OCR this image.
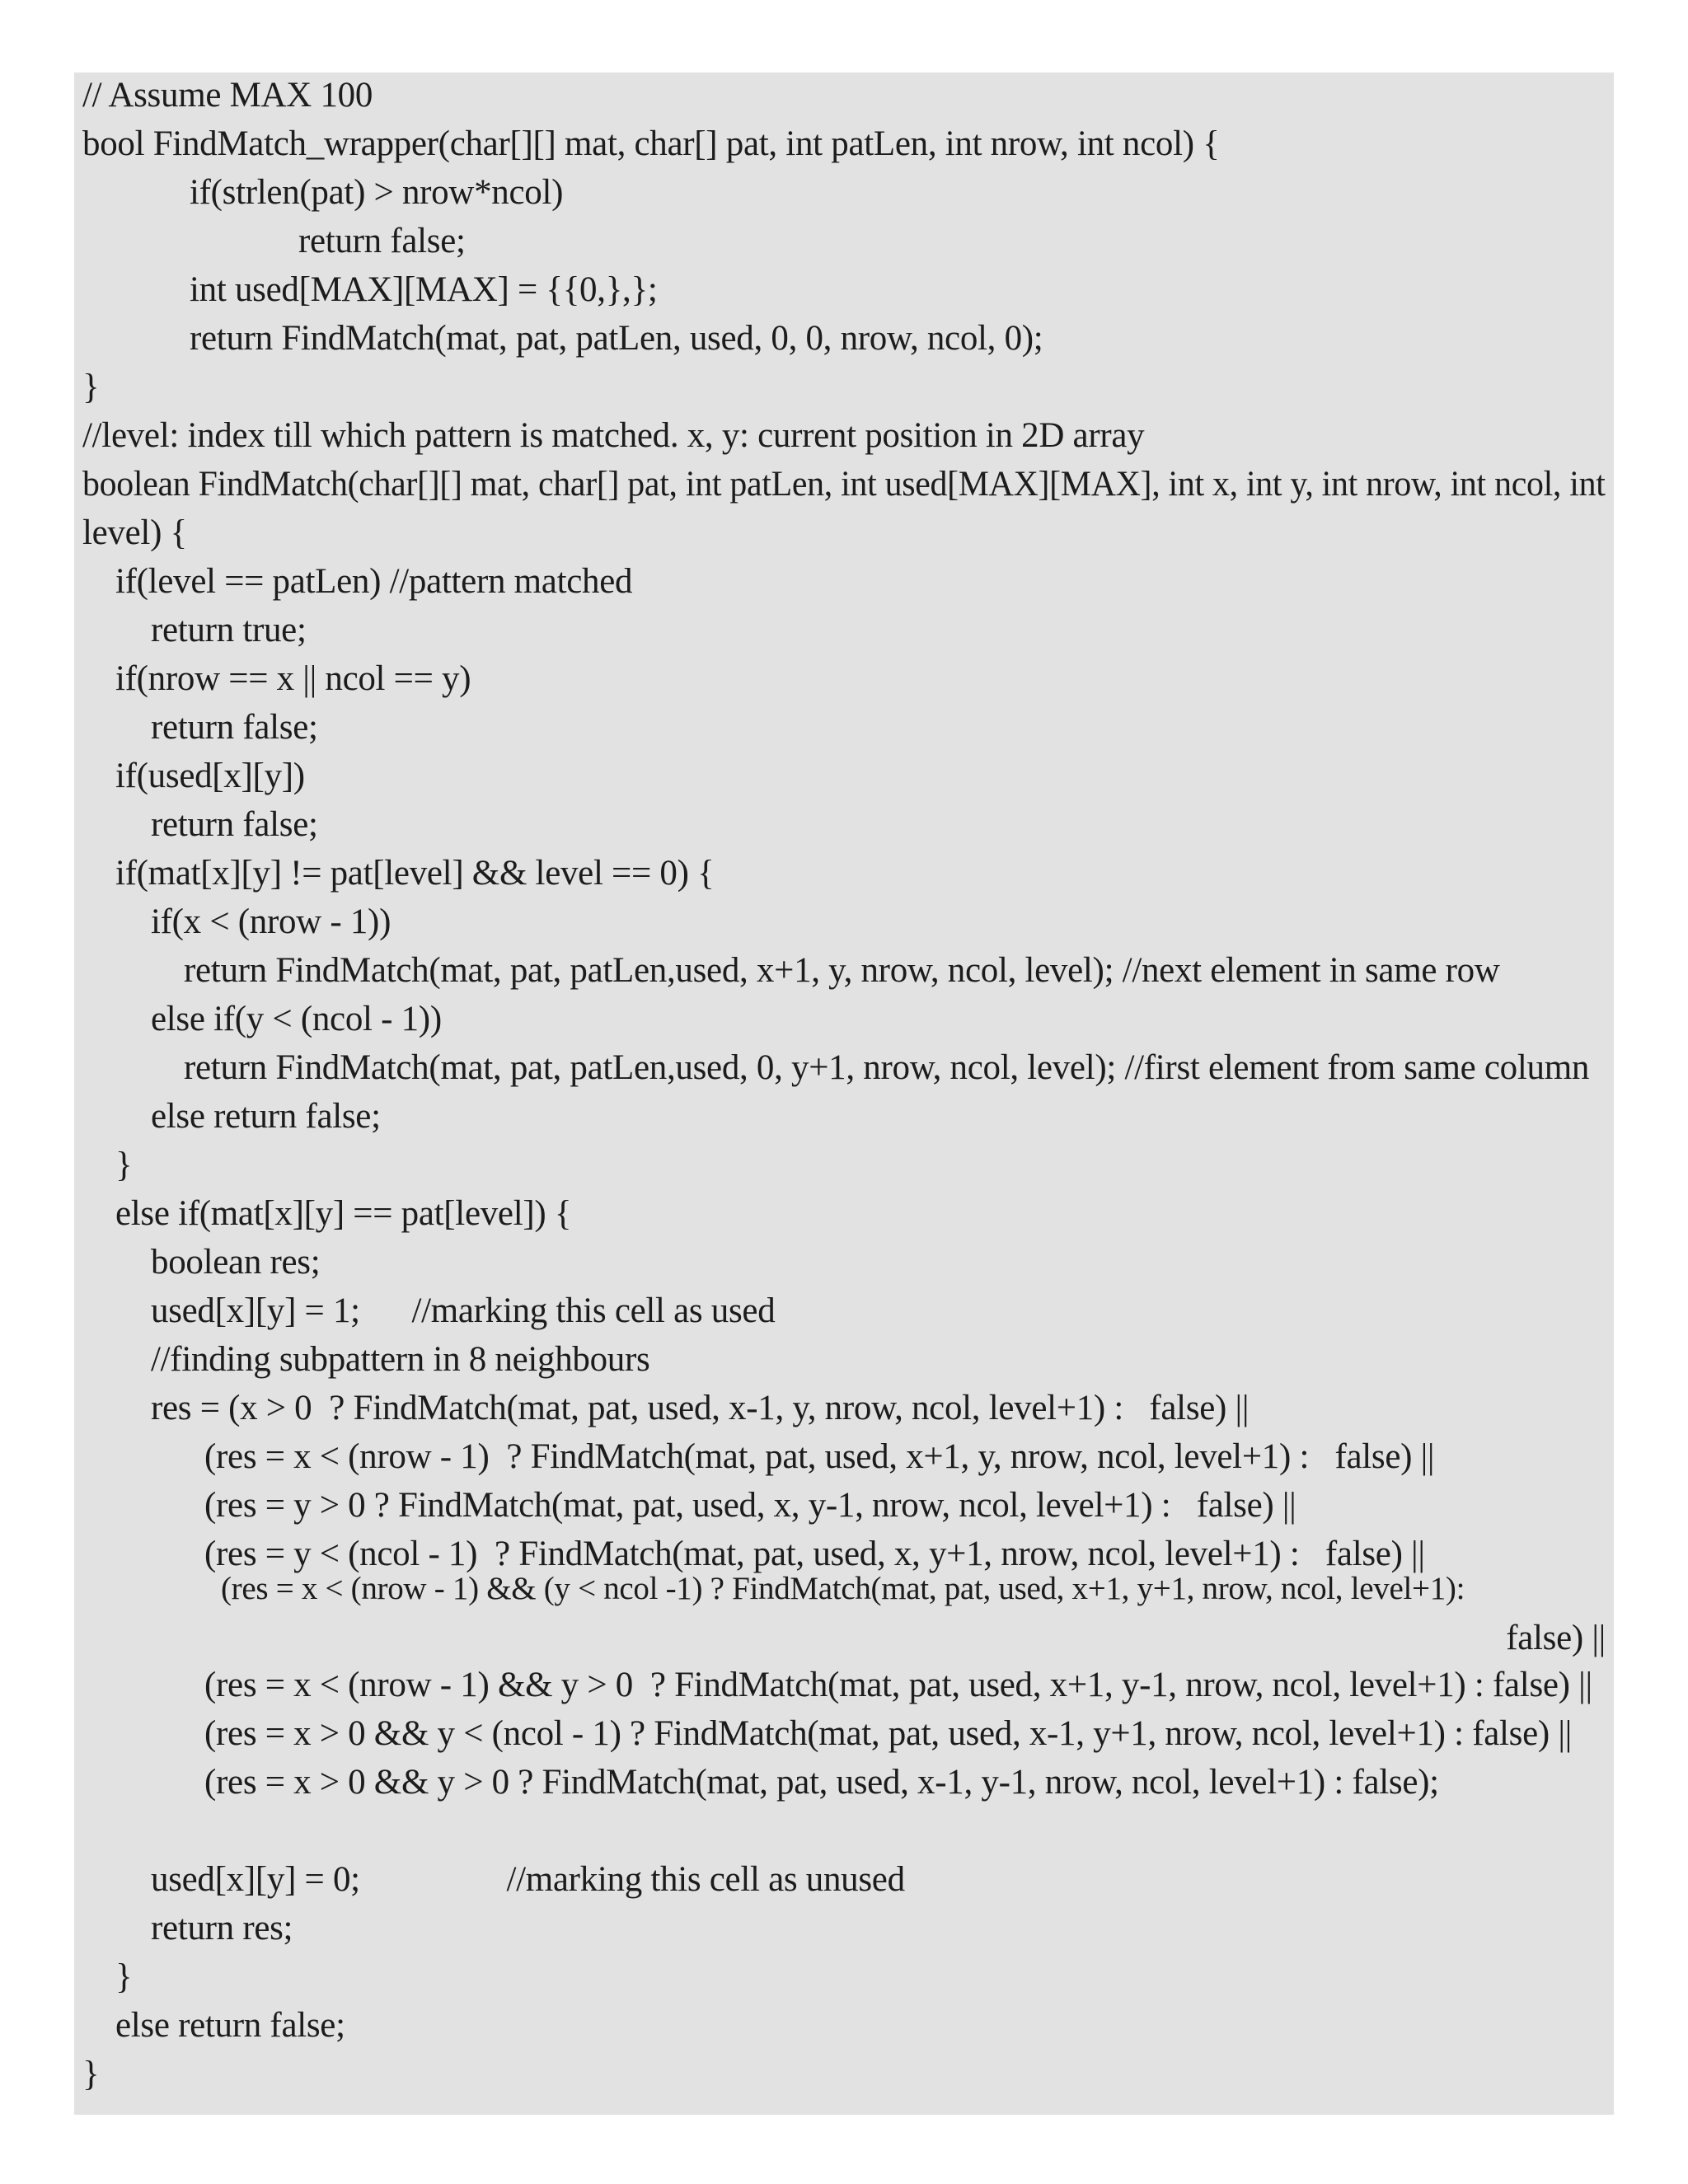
// Assume MAX 100
bool FindMatch_wrapper(char[][] mat, char[] pat, int patLen, int nrow, int ncol) {
if(strlen(pat) > nrow*ncol)
return false;
int used[MAX][MAX] = {{0,},};
return FindMatch(mat, pat, patLen, used, 0, 0, nrow, ncol, 0);
}
//level: index till which pattern is matched. x, y: current position in 2D array
boolean FindMatch(char[][] mat, char[] pat, int patLen, int used[MAX][MAX], int x, int y, int nrow, int ncol, int
level) {
if(level == patLen) //pattern matched
return true;
if(nrow == x || ncol == y)
return false;
if(used[x][y])
return false;
if(mat[x][y] != pat[level] && level == 0) {
if(x < (nrow - 1))
return FindMatch(mat, pat, patLen,used, x+1, y, nrow, ncol, level); //next element in same row
else if(y < (ncol - 1))
return FindMatch(mat, pat, patLen,used, 0, y+1, nrow, ncol, level); //first element from same column
else return false;
}
else if(mat[x][y] == pat[level]) {
boolean res;
used[x][y] = 1;      //marking this cell as used
//finding subpattern in 8 neighbours
res = (x > 0  ? FindMatch(mat, pat, used, x-1, y, nrow, ncol, level+1) :   false) ||
(res = x < (nrow - 1)  ? FindMatch(mat, pat, used, x+1, y, nrow, ncol, level+1) :   false) ||
(res = y > 0 ? FindMatch(mat, pat, used, x, y-1, nrow, ncol, level+1) :   false) ||
(res = y < (ncol - 1)  ? FindMatch(mat, pat, used, x, y+1, nrow, ncol, level+1) :   false) ||
(res = x < (nrow - 1) && (y < ncol -1) ? FindMatch(mat, pat, used, x+1, y+1, nrow, ncol, level+1):
false) ||
(res = x < (nrow - 1) && y > 0  ? FindMatch(mat, pat, used, x+1, y-1, nrow, ncol, level+1) : false) ||
(res = x > 0 && y < (ncol - 1) ? FindMatch(mat, pat, used, x-1, y+1, nrow, ncol, level+1) : false) ||
(res = x > 0 && y > 0 ? FindMatch(mat, pat, used, x-1, y-1, nrow, ncol, level+1) : false);
used[x][y] = 0;                 //marking this cell as unused
return res;
}
else return false;
}
